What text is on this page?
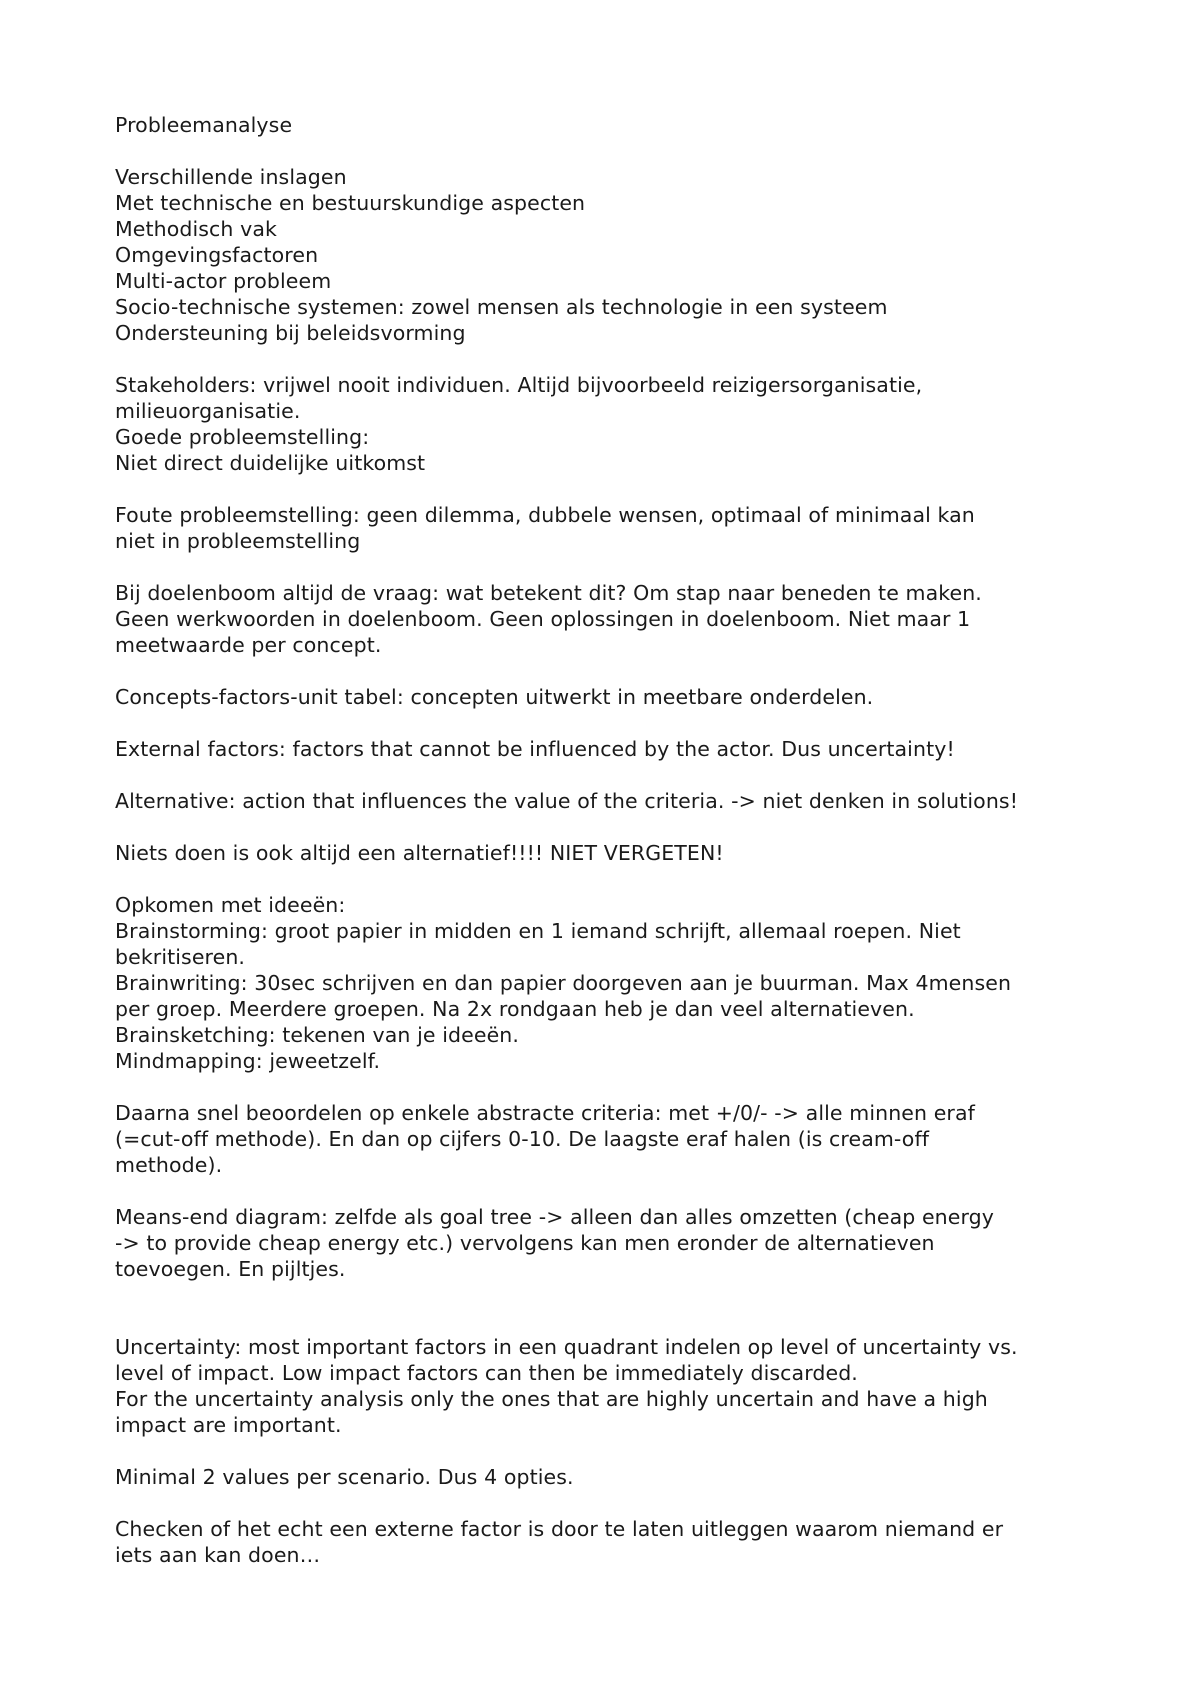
Probleemanalyse
Verschillende inslagen
Met technische en bestuurskundige aspecten
Methodisch vak
Omgevingsfactoren
Multi-actor probleem
Socio-technische systemen: zowel mensen als technologie in een systeem
Ondersteuning bij beleidsvorming
Stakeholders: vrijwel nooit individuen. Altijd bijvoorbeeld reizigersorganisatie,
milieuorganisatie.
Goede probleemstelling:
Niet direct duidelijke uitkomst
Foute probleemstelling: geen dilemma, dubbele wensen, optimaal of minimaal kan
niet in probleemstelling
Bij doelenboom altijd de vraag: wat betekent dit? Om stap naar beneden te maken.
Geen werkwoorden in doelenboom. Geen oplossingen in doelenboom. Niet maar 1
meetwaarde per concept.
Concepts-factors-unit tabel: concepten uitwerkt in meetbare onderdelen.
External factors: factors that cannot be influenced by the actor. Dus uncertainty!
Alternative: action that influences the value of the criteria. -> niet denken in solutions!
Niets doen is ook altijd een alternatief!!!! NIET VERGETEN!
Opkomen met ideeën:
Brainstorming: groot papier in midden en 1 iemand schrijft, allemaal roepen. Niet
bekritiseren.
Brainwriting: 30sec schrijven en dan papier doorgeven aan je buurman. Max 4mensen
per groep. Meerdere groepen. Na 2x rondgaan heb je dan veel alternatieven.
Brainsketching: tekenen van je ideeën.
Mindmapping: jeweetzelf.
Daarna snel beoordelen op enkele abstracte criteria: met +/0/- -> alle minnen eraf
(=cut-off methode). En dan op cijfers 0-10. De laagste eraf halen (is cream-off
methode).
Means-end diagram: zelfde als goal tree -> alleen dan alles omzetten (cheap energy
-> to provide cheap energy etc.) vervolgens kan men eronder de alternatieven
toevoegen. En pijltjes.
Uncertainty: most important factors in een quadrant indelen op level of uncertainty vs.
level of impact. Low impact factors can then be immediately discarded.
For the uncertainty analysis only the ones that are highly uncertain and have a high
impact are important.
Minimal 2 values per scenario. Dus 4 opties.
Checken of het echt een externe factor is door te laten uitleggen waarom niemand er
iets aan kan doen…
